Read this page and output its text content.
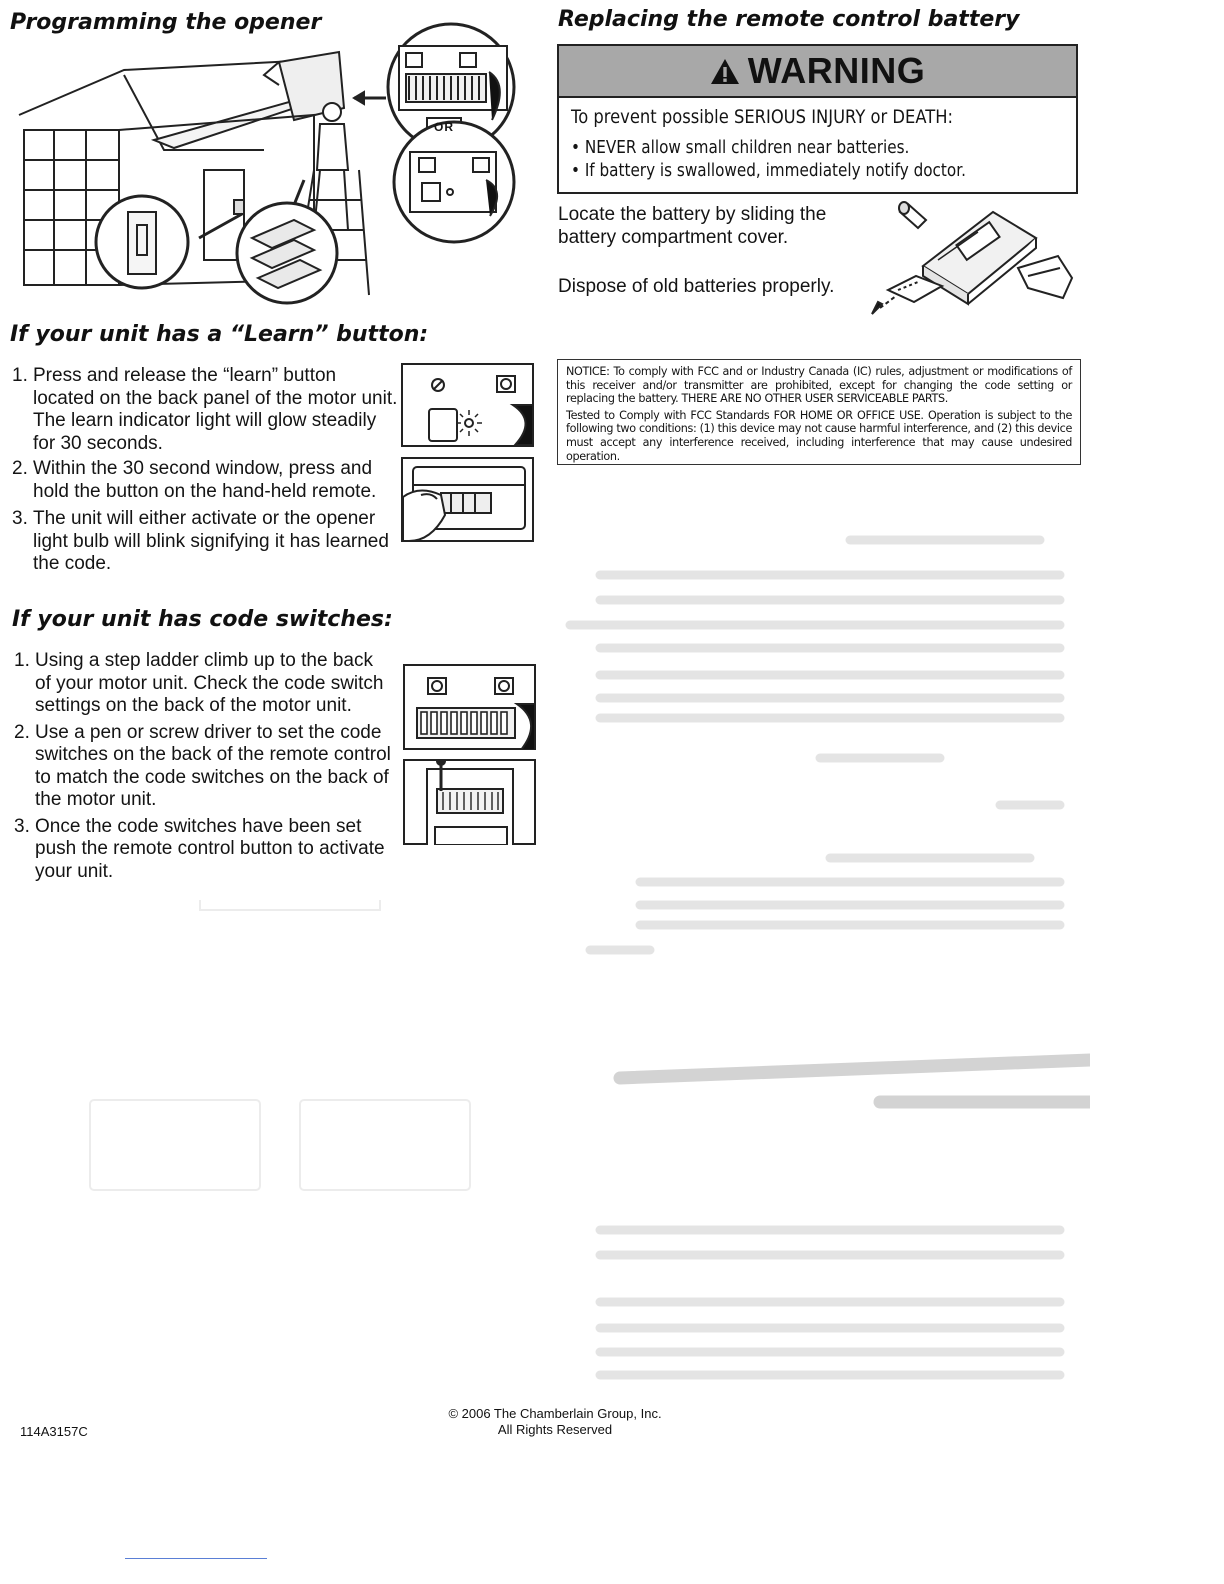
Programming the opener
OR
If your unit has a “Learn” button:
1. Press and release the “learn” button located on the back panel of the motor unit. The learn indicator light will glow steadily for 30 seconds.
2. Within the 30 second window, press and hold the button on the hand-held remote.
3. The unit will either activate or the opener light bulb will blink signifying it has learned the code.
If your unit has code switches:
1. Using a step ladder climb up to the back of your motor unit. Check the code switch settings on the back of the motor unit.
2. Use a pen or screw driver to set the code switches on the back of the remote control to match the code switches on the back of the motor unit.
3. Once the code switches have been set push the remote control button to activate your unit.
Replacing the remote control battery
WARNING
To prevent possible SERIOUS INJURY or DEATH:
• NEVER allow small children near batteries.
• If battery is swallowed, immediately notify doctor.
Locate the battery by sliding the battery compartment cover.
Dispose of old batteries properly.

NOTICE: To comply with FCC and or Industry Canada (IC) rules, adjustment or modifications of this receiver and/or transmitter are prohibited, except for changing the code setting or replacing the battery. THERE ARE NO OTHER USER SERVICEABLE PARTS.

Tested to Comply with FCC Standards FOR HOME OR OFFICE USE. Operation is subject to the following two conditions: (1) this device may not cause harmful interference, and (2) this device must accept any interference received, including interference that may cause undesired operation.

114A3157C
© 2006 The Chamberlain Group, Inc.
All Rights Reserved
